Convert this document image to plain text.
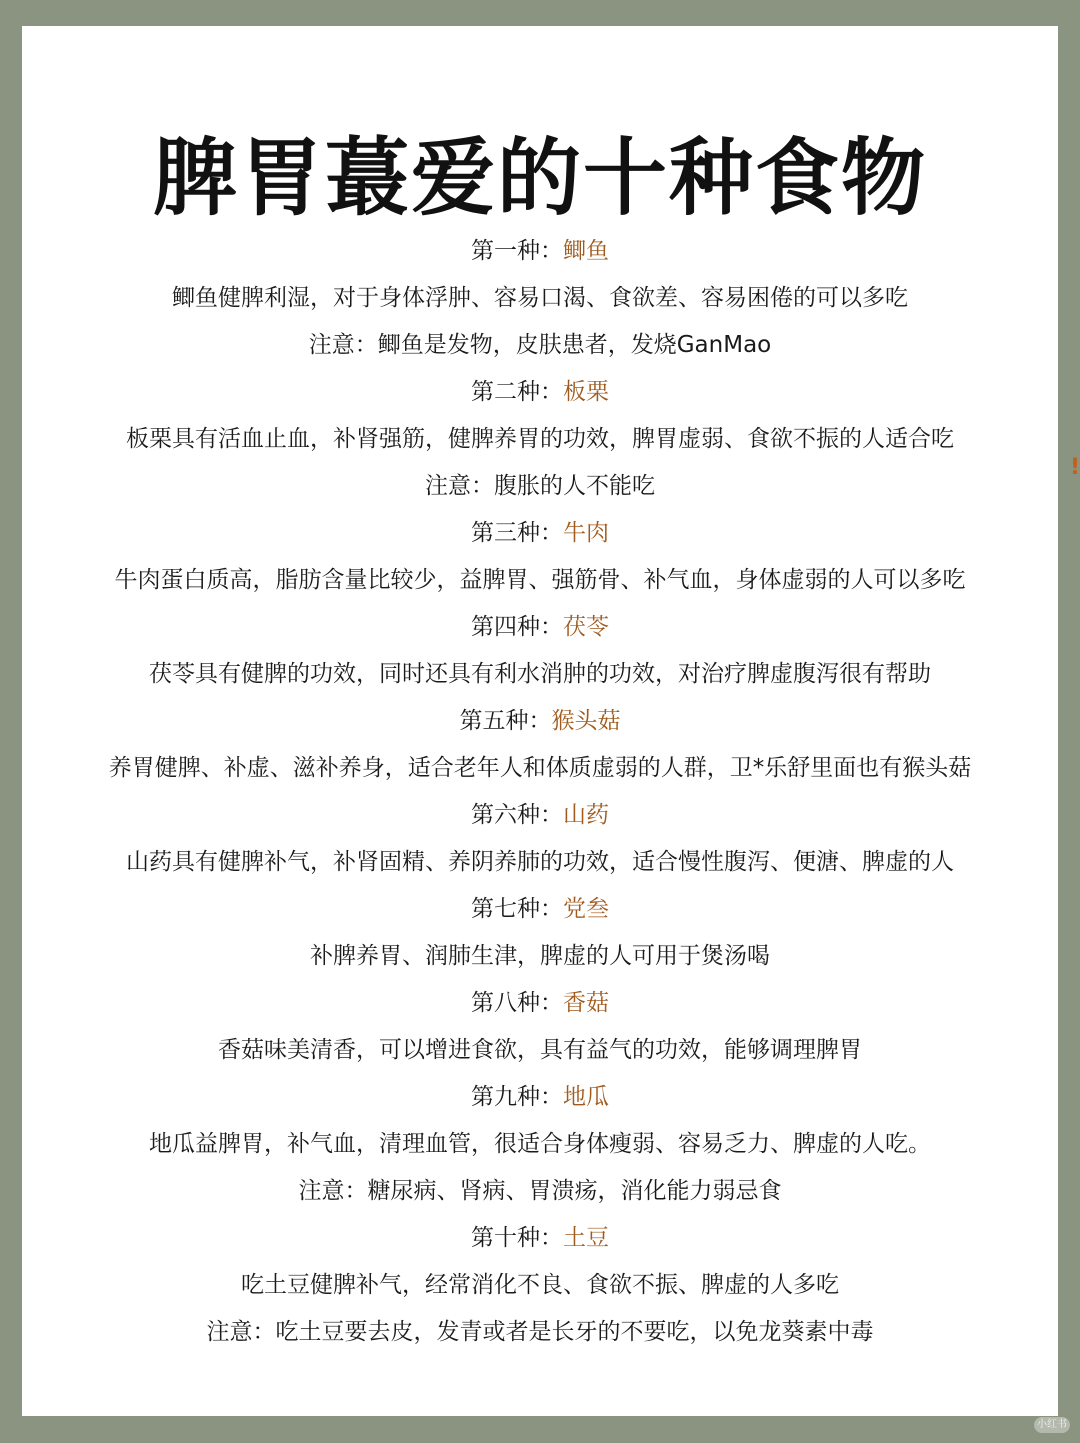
脾胃蕞爱的十种食物
第一种：鲫鱼
鲫鱼健脾利湿，对于身体浮肿、容易口渴、食欲差、容易困倦的可以多吃
注意：鲫鱼是发物，皮肤患者，发烧GanMao
第二种：板栗
板栗具有活血止血，补肾强筋，健脾养胃的功效，脾胃虚弱、食欲不振的人适合吃
注意：腹胀的人不能吃
第三种：牛肉
牛肉蛋白质高，脂肪含量比较少，益脾胃、强筋骨、补气血，身体虚弱的人可以多吃
第四种：茯苓
茯苓具有健脾的功效，同时还具有利水消肿的功效，对治疗脾虚腹泻很有帮助
第五种：猴头菇
养胃健脾、补虚、滋补养身，适合老年人和体质虚弱的人群，卫*乐舒里面也有猴头菇
第六种：山药
山药具有健脾补气，补肾固精、养阴养肺的功效，适合慢性腹泻、便溏、脾虚的人
第七种：党叁
补脾养胃、润肺生津，脾虚的人可用于煲汤喝
第八种：香菇
香菇味美清香，可以增进食欲，具有益气的功效，能够调理脾胃
第九种：地瓜
地瓜益脾胃，补气血，清理血管，很适合身体瘦弱、容易乏力、脾虚的人吃。
注意：糖尿病、肾病、胃溃疡，消化能力弱忌食
第十种：土豆
吃土豆健脾补气，经常消化不良、食欲不振、脾虚的人多吃
注意：吃土豆要去皮，发青或者是长牙的不要吃，以免龙葵素中毒
!
小红书
